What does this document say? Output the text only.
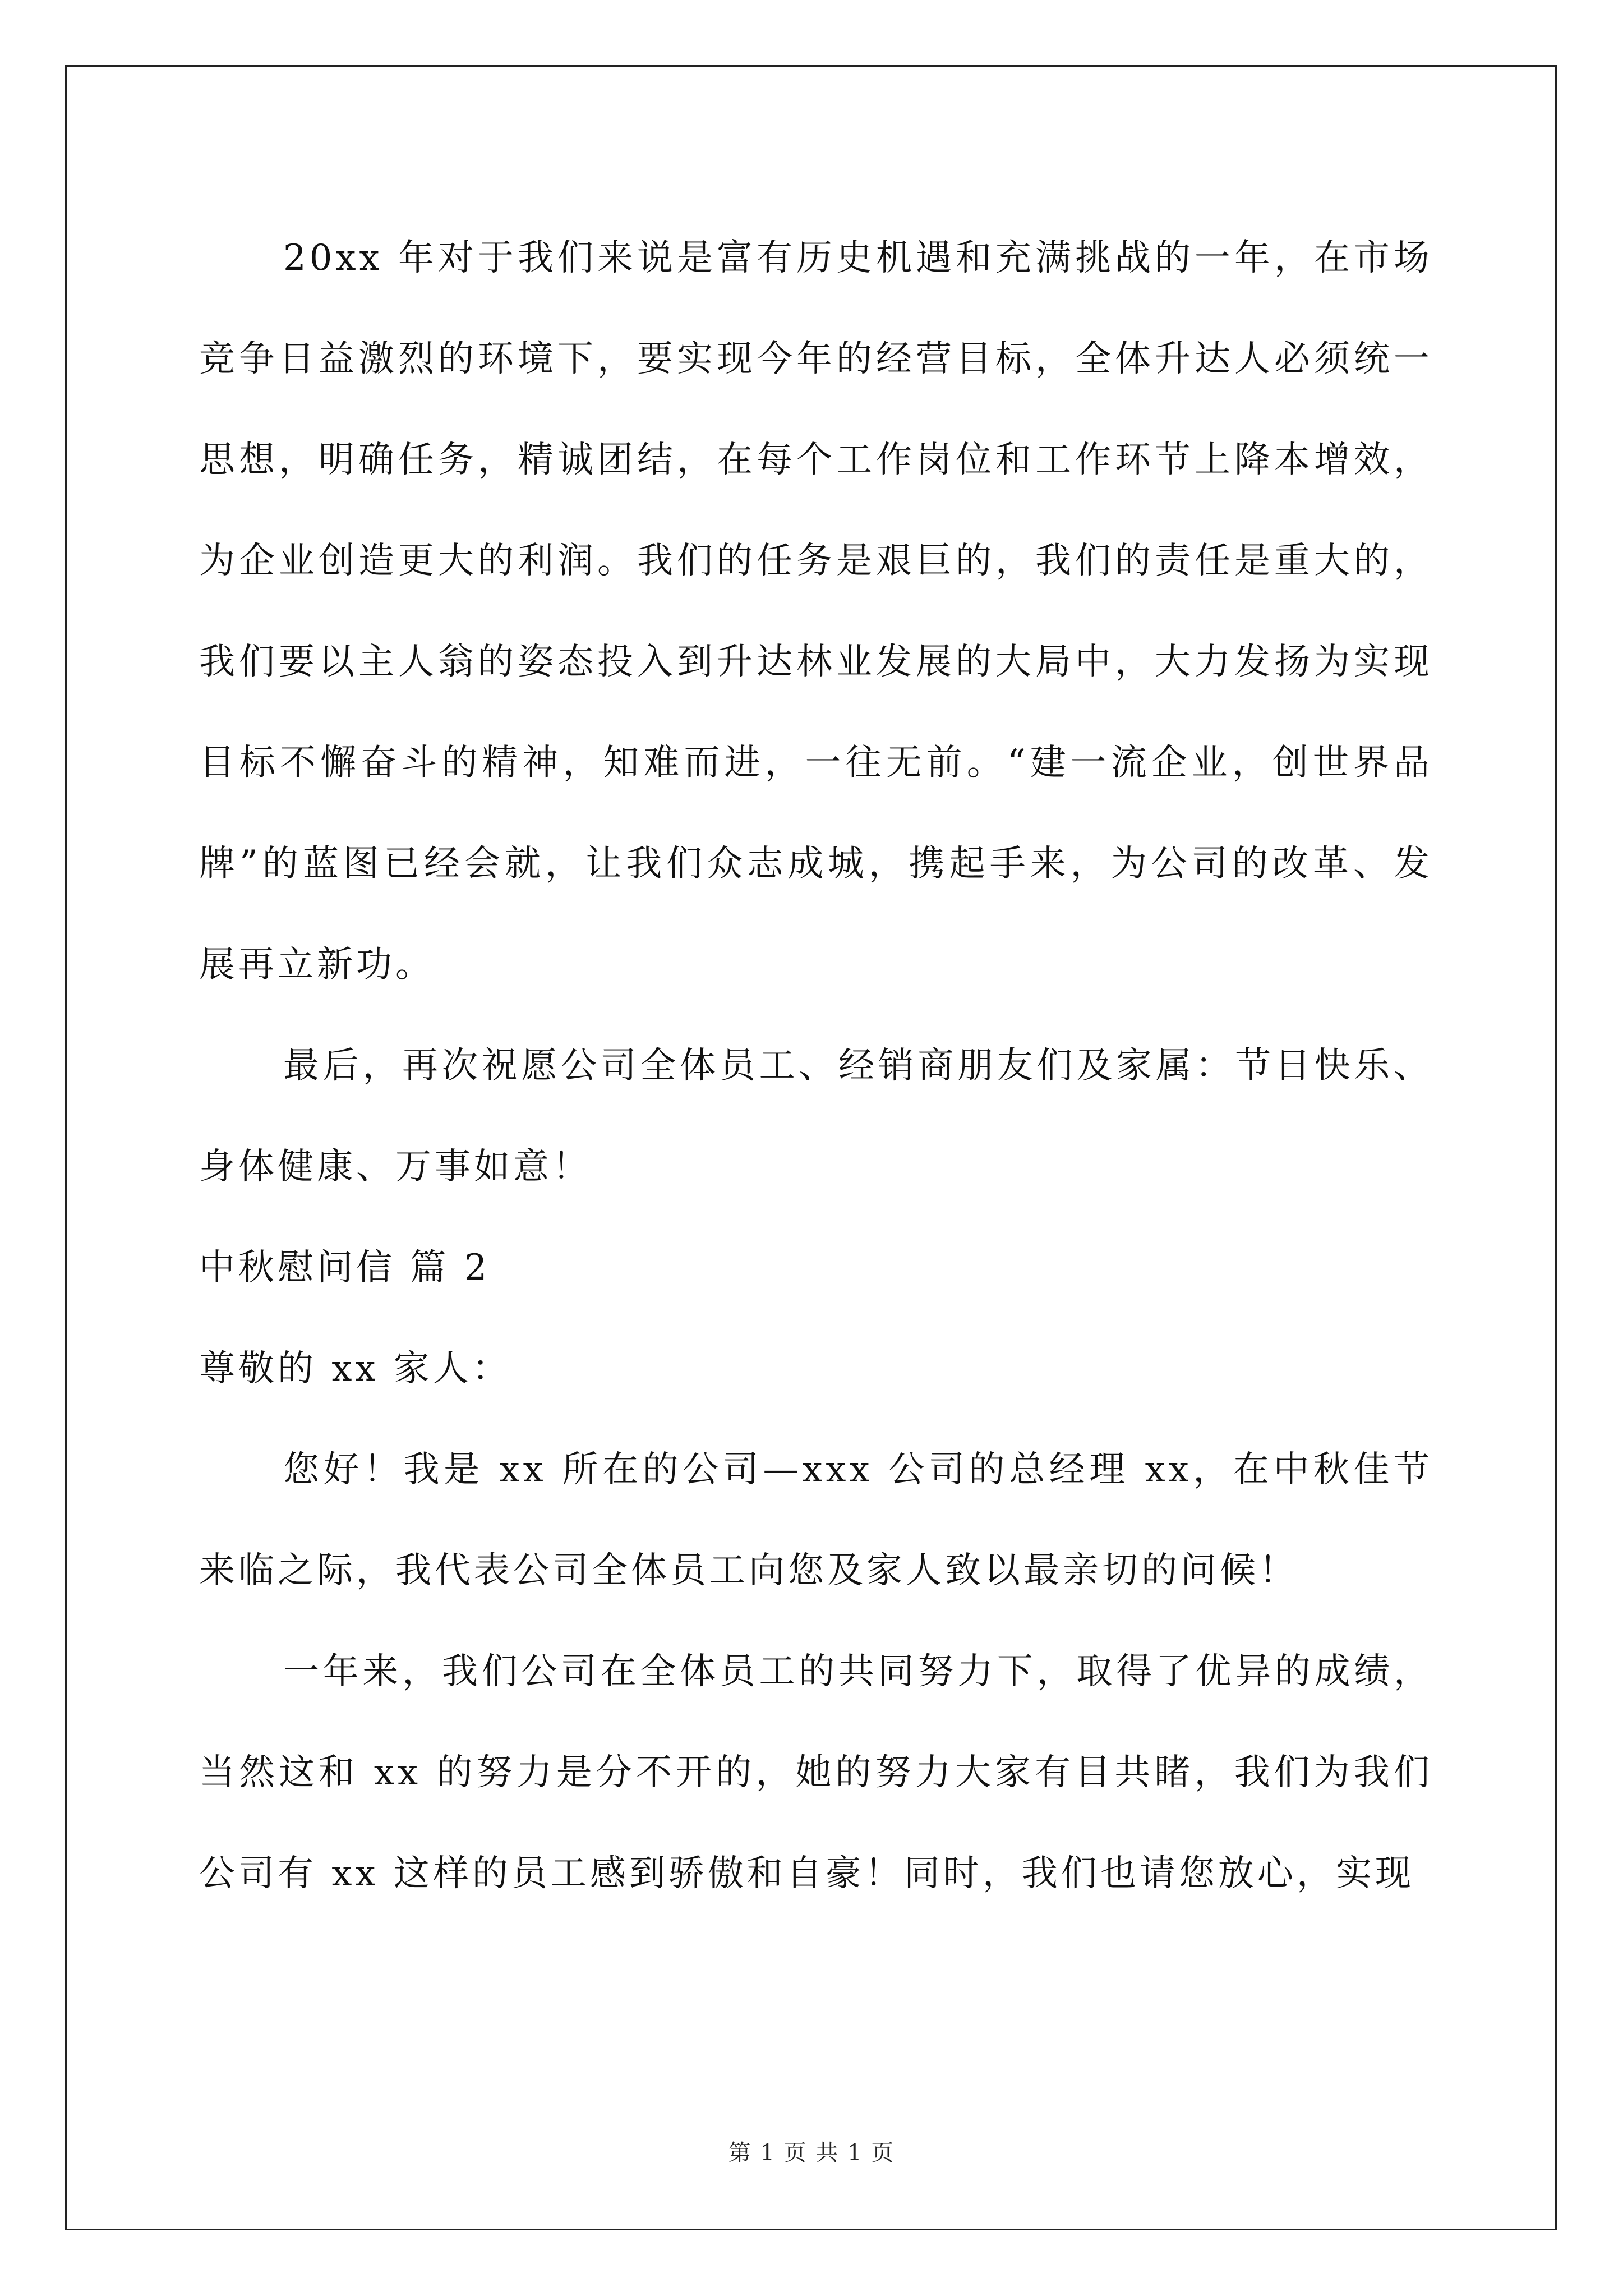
20xx 年对于我们来说是富有历史机遇和充满挑战的一年，在市场竞争日益激烈的环境下，要实现今年的经营目标，全体升达人必须统一思想，明确任务，精诚团结，在每个工作岗位和工作环节上降本增效，为企业创造更大的利润。我们的任务是艰巨的，我们的责任是重大的，我们要以主人翁的姿态投入到升达林业发展的大局中，大力发扬为实现目标不懈奋斗的精神，知难而进，一往无前。“建一流企业，创世界品牌”的蓝图已经会就，让我们众志成城，携起手来，为公司的改革、发展再立新功。

最后，再次祝愿公司全体员工、经销商朋友们及家属：节日快乐、身体健康、万事如意！

中秋慰问信 篇 2

尊敬的 xx 家人：

您好！我是 xx 所在的公司—xxx 公司的总经理 xx，在中秋佳节来临之际，我代表公司全体员工向您及家人致以最亲切的问候！

一年来，我们公司在全体员工的共同努力下，取得了优异的成绩，当然这和 xx 的努力是分不开的，她的努力大家有目共睹，我们为我们公司有 xx 这样的员工感到骄傲和自豪！同时，我们也请您放心，实现

第 1 页 共 1 页
